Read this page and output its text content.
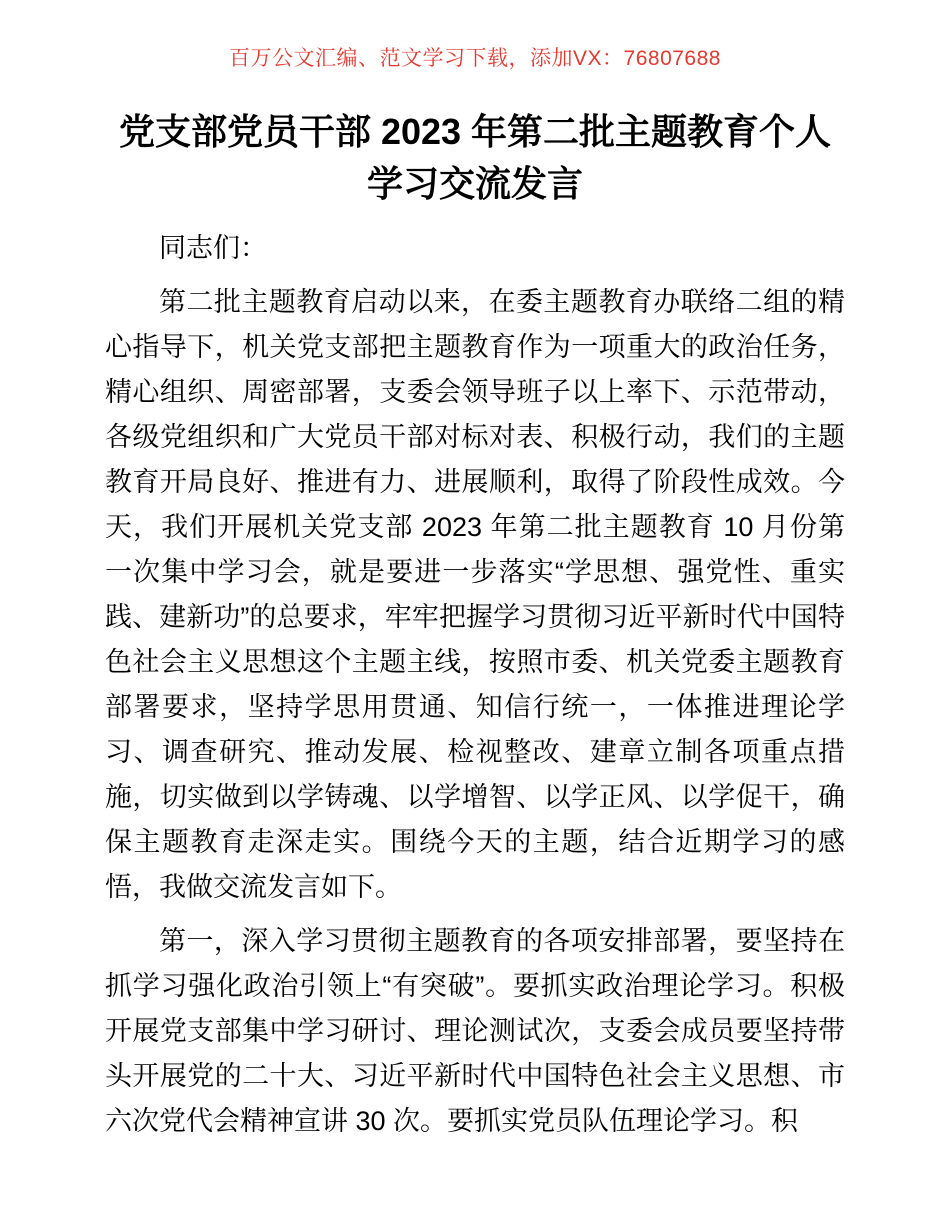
百万公文汇编、范文学习下载，添加VX：76807688
党支部党员干部 2023 年第二批主题教育个人学习交流发言

同志们：

第二批主题教育启动以来，在委主题教育办联络二组的精心指导下，机关党支部把主题教育作为一项重大的政治任务，精心组织、周密部署，支委会领导班子以上率下、示范带动，各级党组织和广大党员干部对标对表、积极行动，我们的主题教育开局良好、推进有力、进展顺利，取得了阶段性成效。今天，我们开展机关党支部 2023 年第二批主题教育 10 月份第一次集中学习会，就是要进一步落实“学思想、强党性、重实践、建新功”的总要求，牢牢把握学习贯彻习近平新时代中国特色社会主义思想这个主题主线，按照市委、机关党委主题教育部署要求，坚持学思用贯通、知信行统一，一体推进理论学习、调查研究、推动发展、检视整改、建章立制各项重点措施，切实做到以学铸魂、以学增智、以学正风、以学促干，确保主题教育走深走实。围绕今天的主题，结合近期学习的感悟，我做交流发言如下。

第一，深入学习贯彻主题教育的各项安排部署，要坚持在抓学习强化政治引领上“有突破”。要抓实政治理论学习。积极开展党支部集中学习研讨、理论测试次，支委会成员要坚持带头开展党的二十大、习近平新时代中国特色社会主义思想、市六次党代会精神宣讲 30 次。要抓实党员队伍理论学习。积
